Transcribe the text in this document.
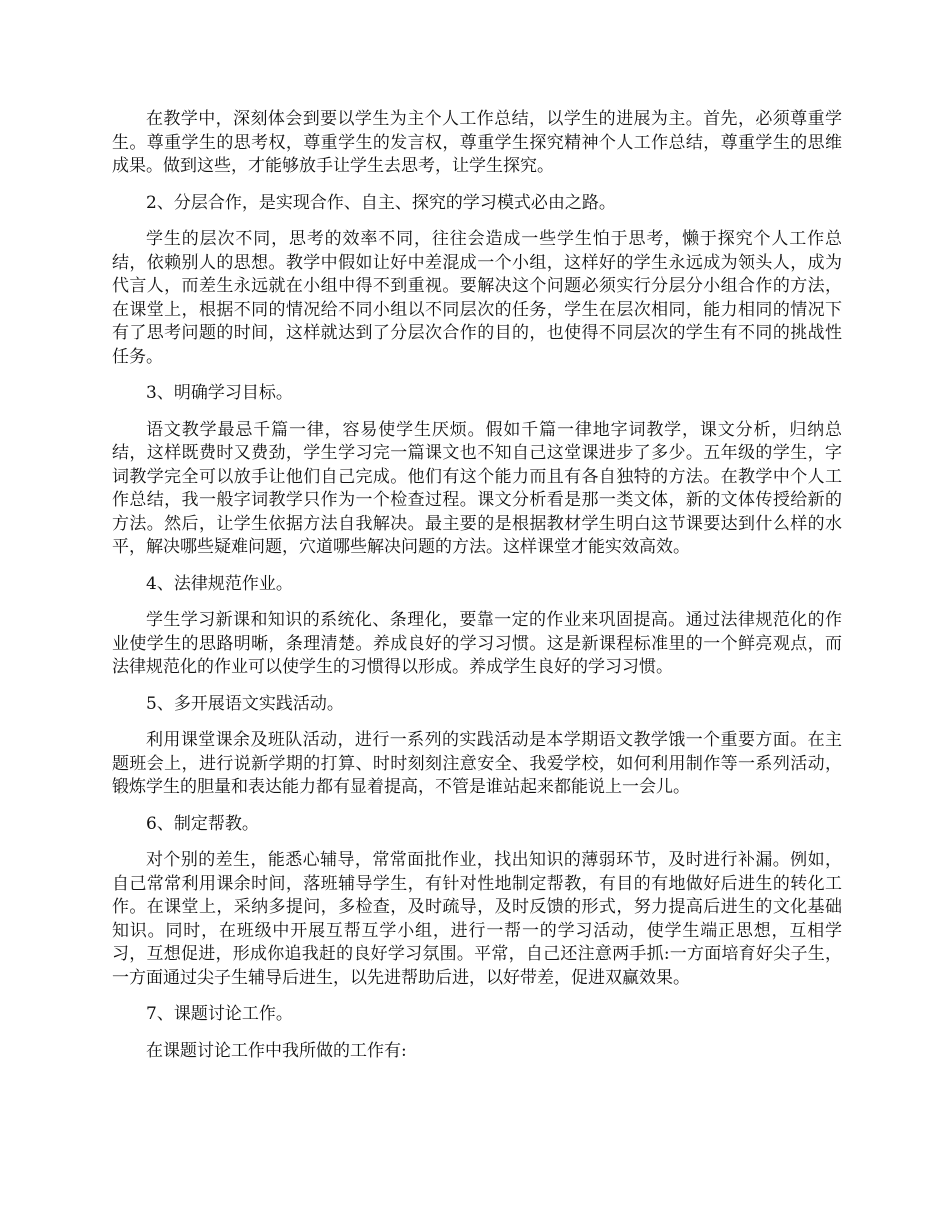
在教学中，深刻体会到要以学生为主个人工作总结，以学生的进展为主。首先，必须尊重学生。尊重学生的思考权，尊重学生的发言权，尊重学生探究精神个人工作总结，尊重学生的思维成果。做到这些，才能够放手让学生去思考，让学生探究。

2、分层合作，是实现合作、自主、探究的学习模式必由之路。

学生的层次不同，思考的效率不同，往往会造成一些学生怕于思考，懒于探究个人工作总结，依赖别人的思想。教学中假如让好中差混成一个小组，这样好的学生永远成为领头人，成为代言人，而差生永远就在小组中得不到重视。要解决这个问题必须实行分层分小组合作的方法，在课堂上，根据不同的情况给不同小组以不同层次的任务，学生在层次相同，能力相同的情况下有了思考问题的时间，这样就达到了分层次合作的目的，也使得不同层次的学生有不同的挑战性任务。

3、明确学习目标。

语文教学最忌千篇一律，容易使学生厌烦。假如千篇一律地字词教学，课文分析，归纳总结，这样既费时又费劲，学生学习完一篇课文也不知自己这堂课进步了多少。五年级的学生，字词教学完全可以放手让他们自己完成。他们有这个能力而且有各自独特的方法。在教学中个人工作总结，我一般字词教学只作为一个检查过程。课文分析看是那一类文体，新的文体传授给新的方法。然后，让学生依据方法自我解决。最主要的是根据教材学生明白这节课要达到什么样的水平，解决哪些疑难问题，穴道哪些解决问题的方法。这样课堂才能实效高效。

4、法律规范作业。

学生学习新课和知识的系统化、条理化，要靠一定的作业来巩固提高。通过法律规范化的作业使学生的思路明晰，条理清楚。养成良好的学习习惯。这是新课程标准里的一个鲜亮观点，而法律规范化的作业可以使学生的习惯得以形成。养成学生良好的学习习惯。

5、多开展语文实践活动。

利用课堂课余及班队活动，进行一系列的实践活动是本学期语文教学饿一个重要方面。在主题班会上，进行说新学期的打算、时时刻刻注意安全、我爱学校，如何利用制作等一系列活动，锻炼学生的胆量和表达能力都有显着提高，不管是谁站起来都能说上一会儿。

6、制定帮教。

对个别的差生，能悉心辅导，常常面批作业，找出知识的薄弱环节，及时进行补漏。例如，自己常常利用课余时间，落班辅导学生，有针对性地制定帮教，有目的有地做好后进生的转化工作。在课堂上，采纳多提问，多检查，及时疏导，及时反馈的形式，努力提高后进生的文化基础知识。同时，在班级中开展互帮互学小组，进行一帮一的学习活动，使学生端正思想，互相学习，互想促进，形成你追我赶的良好学习氛围。平常，自己还注意两手抓:一方面培育好尖子生，一方面通过尖子生辅导后进生，以先进帮助后进，以好带差，促进双赢效果。

7、课题讨论工作。

在课题讨论工作中我所做的工作有:
